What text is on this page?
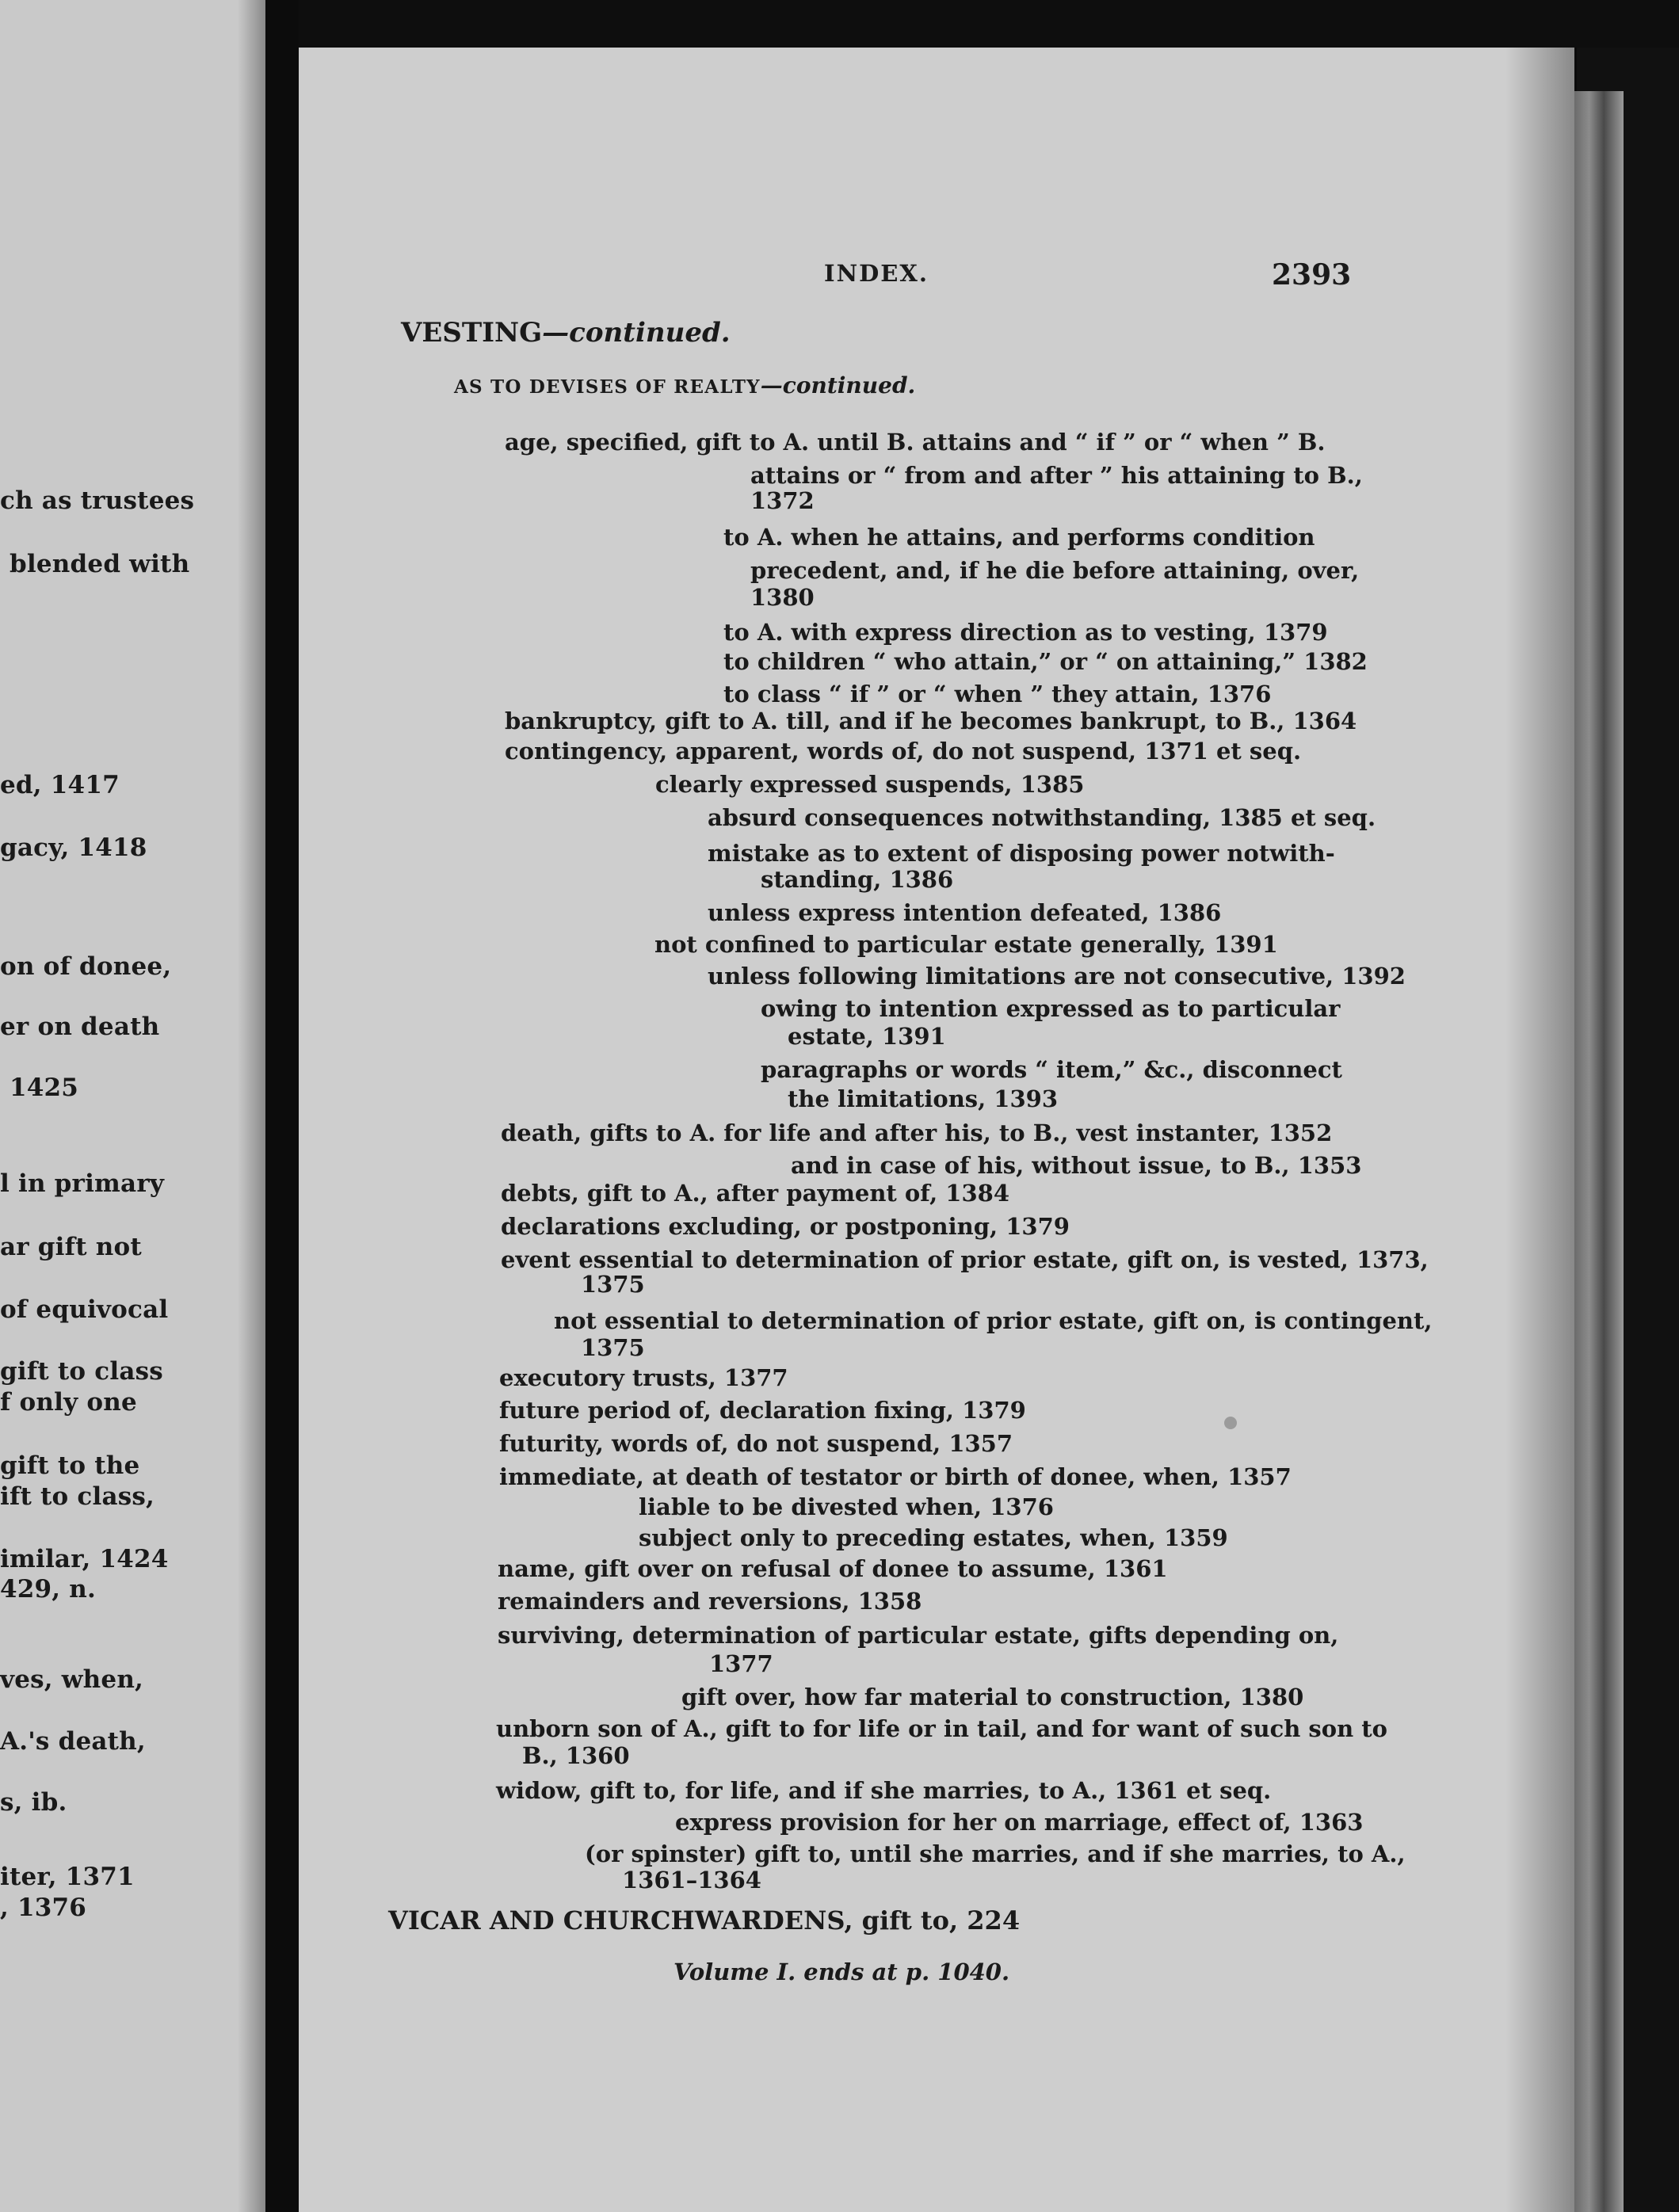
ch as trustees
blended with
ed, 1417
gacy, 1418
on of donee,
er on death
1425
l in primary
ar gift not
of equivocal
gift to class
f only one
gift to the
ift to class,
imilar, 1424
429, n.
ves, when,
A.'s death,
s, ib.
iter, 1371
, 1376
INDEX.	2393
VESTING—continued.
AS TO DEVISES OF REALTY—continued.
age, specified, gift to A. until B. attains and “ if ” or “ when ” B.
attains or “ from and after ” his attaining to B.,
1372
to A. when he attains, and performs condition
precedent, and, if he die before attaining, over,
1380
to A. with express direction as to vesting, 1379
to children “ who attain,” or “ on attaining,” 1382
to class “ if ” or “ when ” they attain, 1376
bankruptcy, gift to A. till, and if he becomes bankrupt, to B., 1364
contingency, apparent, words of, do not suspend, 1371 et seq.
clearly expressed suspends, 1385
absurd consequences notwithstanding, 1385 et seq.
mistake as to extent of disposing power notwith-
standing, 1386
unless express intention defeated, 1386
not confined to particular estate generally, 1391
unless following limitations are not consecutive, 1392
owing to intention expressed as to particular
estate, 1391
paragraphs or words “ item,” &c., disconnect
the limitations, 1393
death, gifts to A. for life and after his, to B., vest instanter, 1352
and in case of his, without issue, to B., 1353
debts, gift to A., after payment of, 1384
declarations excluding, or postponing, 1379
event essential to determination of prior estate, gift on, is vested, 1373,
1375
not essential to determination of prior estate, gift on, is contingent,
1375
executory trusts, 1377
future period of, declaration fixing, 1379
futurity, words of, do not suspend, 1357
immediate, at death of testator or birth of donee, when, 1357
liable to be divested when, 1376
subject only to preceding estates, when, 1359
name, gift over on refusal of donee to assume, 1361
remainders and reversions, 1358
surviving, determination of particular estate, gifts depending on,
1377
gift over, how far material to construction, 1380
unborn son of A., gift to for life or in tail, and for want of such son to
B., 1360
widow, gift to, for life, and if she marries, to A., 1361 et seq.
express provision for her on marriage, effect of, 1363
(or spinster) gift to, until she marries, and if she marries, to A.,
1361–1364
VICAR AND CHURCHWARDENS, gift to, 224
Volume I. ends at p. 1040.
